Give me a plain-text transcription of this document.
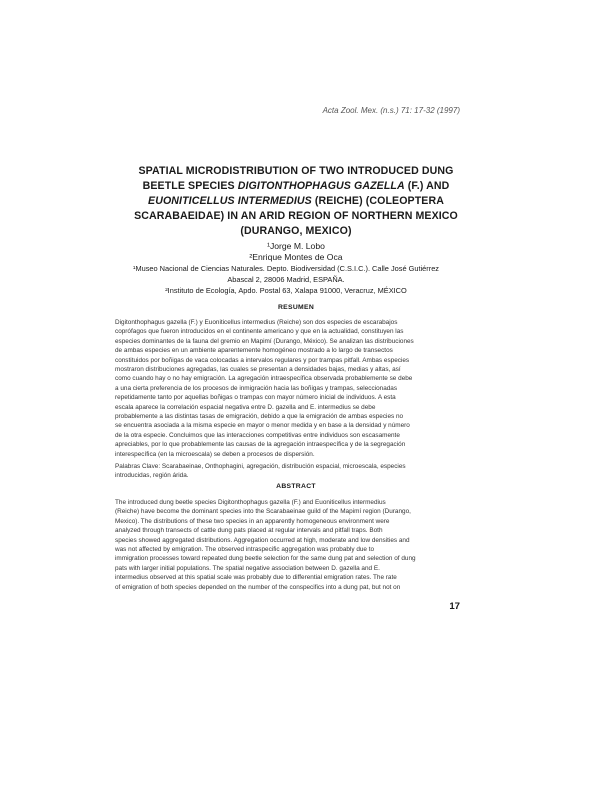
Acta Zool. Mex. (n.s.) 71: 17-32 (1997)
SPATIAL MICRODISTRIBUTION OF TWO INTRODUCED DUNG
BEETLE SPECIES DIGITONTHOPHAGUS GAZELLA (F.) AND
EUONITICELLUS INTERMEDIUS (REICHE) (COLEOPTERA
SCARABAEIDAE) IN AN ARID REGION OF NORTHERN MEXICO
(DURANGO, MEXICO)
¹Jorge M. Lobo
²Enrique Montes de Oca
¹Museo Nacional de Ciencias Naturales. Depto. Biodiversidad (C.S.I.C.). Calle José Gutiérrez
Abascal 2, 28006 Madrid, ESPAÑA.
²Instituto de Ecología, Apdo. Postal 63, Xalapa 91000, Veracruz, MÉXICO
RESUMEN
Digitonthophagus gazella (F.) y Euoniticellus intermedius (Reiche) son dos especies de escarabajos
coprófagos que fueron introducidos en el continente americano y que en la actualidad, constituyen las
especies dominantes de la fauna del gremio en Mapimí (Durango, México). Se analizan las distribuciones
de ambas especies en un ambiente aparentemente homogéneo mostrado a lo largo de transectos
constituidos por boñigas de vaca colocadas a intervalos regulares y por trampas pitfall. Ambas especies
mostraron distribuciones agregadas, las cuales se presentan a densidades bajas, medias y altas, así
como cuando hay o no hay emigración. La agregación intraespecífica observada probablemente se debe
a una cierta preferencia de los procesos de inmigración hacia las boñigas y trampas, seleccionadas
repetidamente tanto por aquellas boñigas o trampas con mayor número inicial de individuos. A esta
escala aparece la correlación espacial negativa entre D. gazella and E. intermedius se debe
probablemente a las distintas tasas de emigración, debido a que la emigración de ambas especies no
se encuentra asociada a la misma especie en mayor o menor medida y en base a la densidad y número
de la otra especie. Concluimos que las interacciones competitivas entre individuos son escasamente
apreciables, por lo que probablemente las causas de la agregación intraespecífica y de la segregación
interespecífica (en la microescala) se deben a procesos de dispersión.
Palabras Clave: Scarabaeinae, Onthophagini, agregación, distribución espacial, microescala, especies
introducidas, región árida.
ABSTRACT
The introduced dung beetle species Digitonthophagus gazella (F.) and Euoniticellus intermedius
(Reiche) have become the dominant species into the Scarabaeinae guild of the Mapimí region (Durango,
Mexico). The distributions of these two species in an apparently homogeneous environment were
analyzed through transects of cattle dung pats placed at regular intervals and pitfall traps. Both
species showed aggregated distributions. Aggregation occurred at high, moderate and low densities and
was not affected by emigration. The observed intraspecific aggregation was probably due to
immigration processes toward repeated dung beetle selection for the same dung pat and selection of dung
pats with larger initial populations. The spatial negative association between D. gazella and E.
intermedius observed at this spatial scale was probably due to differential emigration rates. The rate
of emigration of both species depended on the number of the conspecifics into a dung pat, but not on
17
